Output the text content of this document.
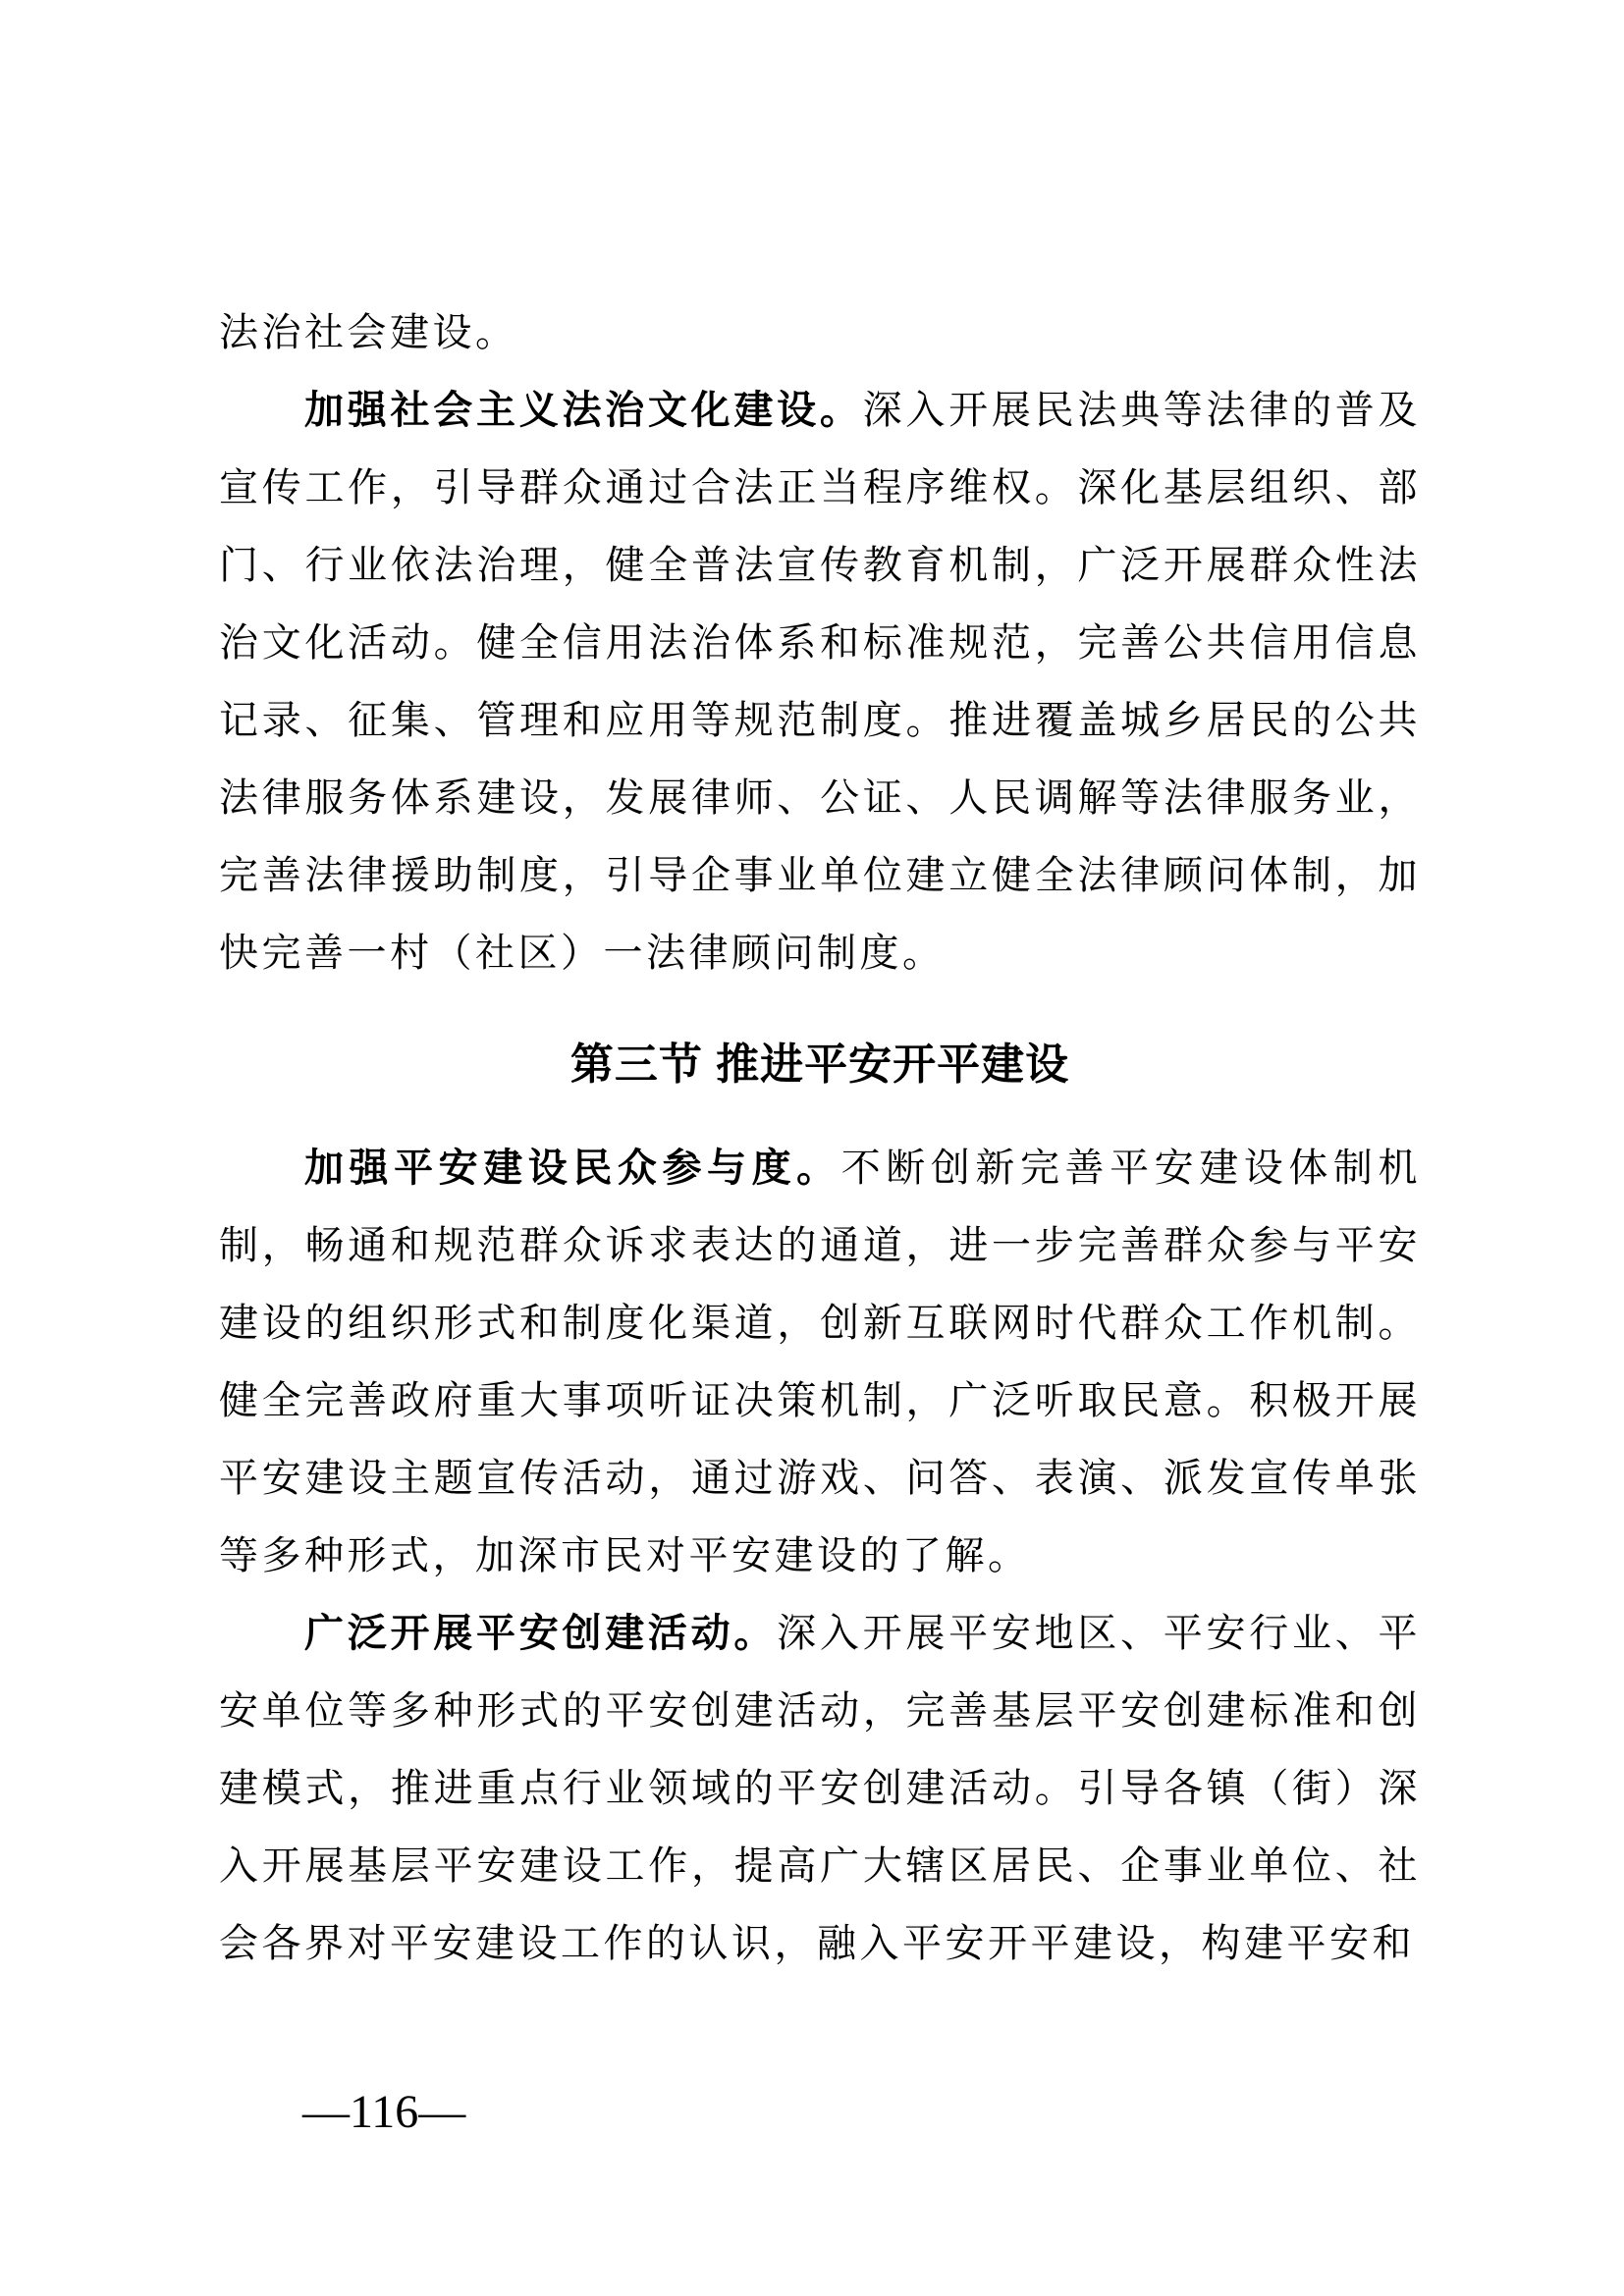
法治社会建设。

加强社会主义法治文化建设。深入开展民法典等法律的普及宣传工作，引导群众通过合法正当程序维权。深化基层组织、部门、行业依法治理，健全普法宣传教育机制，广泛开展群众性法治文化活动。健全信用法治体系和标准规范，完善公共信用信息记录、征集、管理和应用等规范制度。推进覆盖城乡居民的公共法律服务体系建设，发展律师、公证、人民调解等法律服务业，完善法律援助制度，引导企事业单位建立健全法律顾问体制，加快完善一村（社区）一法律顾问制度。

第三节 推进平安开平建设

加强平安建设民众参与度。不断创新完善平安建设体制机制，畅通和规范群众诉求表达的通道，进一步完善群众参与平安建设的组织形式和制度化渠道，创新互联网时代群众工作机制。健全完善政府重大事项听证决策机制，广泛听取民意。积极开展平安建设主题宣传活动，通过游戏、问答、表演、派发宣传单张等多种形式，加深市民对平安建设的了解。

广泛开展平安创建活动。深入开展平安地区、平安行业、平安单位等多种形式的平安创建活动，完善基层平安创建标准和创建模式，推进重点行业领域的平安创建活动。引导各镇（街）深入开展基层平安建设工作，提高广大辖区居民、企事业单位、社会各界对平安建设工作的认识，融入平安开平建设，构建平安和

—116—
